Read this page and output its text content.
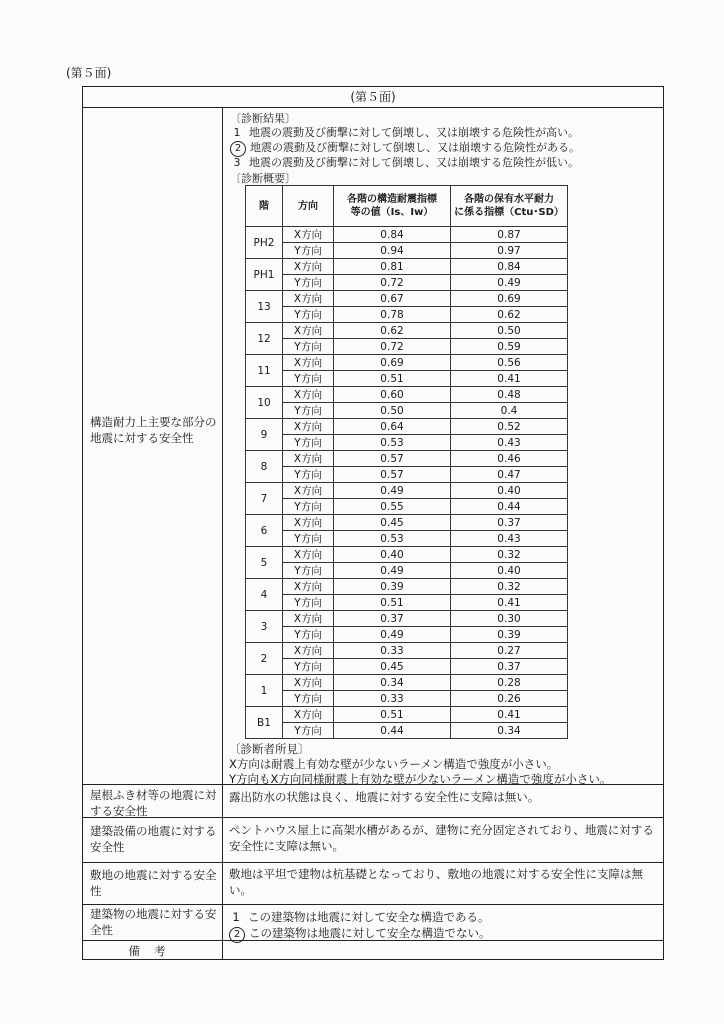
(第５面)
(第５面)
構造耐力上主要な部分の地震に対する安全性
〔診断結果〕
1 地震の震動及び衝撃に対して倒壊し、又は崩壊する危険性が高い。
2 地震の震動及び衝撃に対して倒壊し、又は崩壊する危険性がある。
3 地震の震動及び衝撃に対して倒壊し、又は崩壊する危険性が低い。
〔診断概要〕
階	方向	各階の構造耐震指標
等の値（Is、Iw）	各階の保有水平耐力
に係る指標（Ctu･SD）
PH2	X方向	0.84	0.87
	Y方向	0.94	0.97
PH1	X方向	0.81	0.84
	Y方向	0.72	0.49
13	X方向	0.67	0.69
	Y方向	0.78	0.62
12	X方向	0.62	0.50
	Y方向	0.72	0.59
11	X方向	0.69	0.56
	Y方向	0.51	0.41
10	X方向	0.60	0.48
	Y方向	0.50	0.4
9	X方向	0.64	0.52
	Y方向	0.53	0.43
8	X方向	0.57	0.46
	Y方向	0.57	0.47
7	X方向	0.49	0.40
	Y方向	0.55	0.44
6	X方向	0.45	0.37
	Y方向	0.53	0.43
5	X方向	0.40	0.32
	Y方向	0.49	0.40
4	X方向	0.39	0.32
	Y方向	0.51	0.41
3	X方向	0.37	0.30
	Y方向	0.49	0.39
2	X方向	0.33	0.27
	Y方向	0.45	0.37
1	X方向	0.34	0.28
	Y方向	0.33	0.26
B1	X方向	0.51	0.41
	Y方向	0.44	0.34
〔診断者所見〕
X方向は耐震上有効な壁が少ないラーメン構造で強度が小さい。
Y方向もX方向同様耐震上有効な壁が少ないラーメン構造で強度が小さい。
屋根ふき材等の地震に対する安全性
露出防水の状態は良く、地震に対する安全性に支障は無い。
建築設備の地震に対する安全性
ペントハウス屋上に高架水槽があるが、建物に充分固定されており、地震に対する安全性に支障は無い。
敷地の地震に対する安全性
敷地は平坦で建物は杭基礎となっており、敷地の地震に対する安全性に支障は無い。
建築物の地震に対する安全性
1 この建築物は地震に対して安全な構造である。
2 この建築物は地震に対して安全な構造でない。
備考
